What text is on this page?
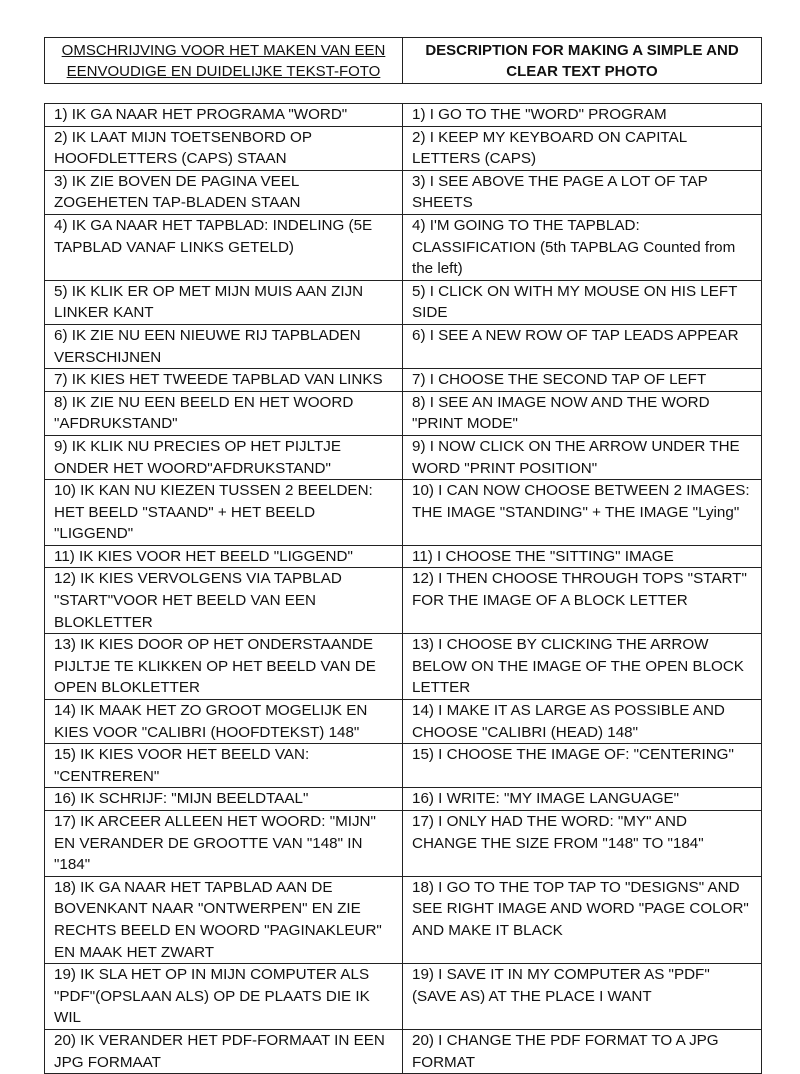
OMSCHRIJVING VOOR HET MAKEN VAN EEN EENVOUDIGE EN DUIDELIJKE TEKST-FOTO	DESCRIPTION FOR MAKING A SIMPLE AND CLEAR TEXT PHOTO
1) IK GA NAAR HET PROGRAMA "WORD"	1) I GO TO THE "WORD" PROGRAM
2) IK LAAT MIJN TOETSENBORD OP HOOFDLETTERS (CAPS) STAAN	2) I KEEP MY KEYBOARD ON CAPITAL LETTERS (CAPS)
3) IK ZIE BOVEN DE PAGINA VEEL ZOGEHETEN TAP-BLADEN STAAN	3) I SEE ABOVE THE PAGE A LOT OF TAP SHEETS
4) IK GA NAAR HET TAPBLAD: INDELING (5E TAPBLAD VANAF LINKS GETELD)	4) I'M GOING TO THE TAPBLAD: CLASSIFICATION (5th TAPBLAG Counted from the left)
5) IK KLIK ER OP MET MIJN MUIS AAN ZIJN LINKER KANT	5) I CLICK ON WITH MY MOUSE ON HIS LEFT SIDE
6) IK ZIE NU EEN NIEUWE RIJ TAPBLADEN VERSCHIJNEN	6) I SEE A NEW ROW OF TAP LEADS APPEAR
7) IK KIES HET TWEEDE TAPBLAD VAN LINKS	7) I CHOOSE THE SECOND TAP OF LEFT
8) IK ZIE NU EEN BEELD EN HET WOORD "AFDRUKSTAND"	8) I SEE AN IMAGE NOW AND THE WORD "PRINT MODE"
9) IK KLIK NU PRECIES OP HET PIJLTJE ONDER HET WOORD"AFDRUKSTAND"	9) I NOW CLICK ON THE ARROW UNDER THE WORD "PRINT POSITION"
10) IK KAN NU KIEZEN TUSSEN 2 BEELDEN: HET BEELD "STAAND" + HET BEELD "LIGGEND"	10) I CAN NOW CHOOSE BETWEEN 2 IMAGES: THE IMAGE "STANDING" + THE IMAGE "Lying"
11) IK KIES VOOR HET BEELD "LIGGEND"	11) I CHOOSE THE "SITTING" IMAGE
12) IK KIES VERVOLGENS VIA TAPBLAD "START"VOOR HET BEELD VAN EEN BLOKLETTER	12) I THEN CHOOSE THROUGH TOPS "START" FOR THE IMAGE OF A BLOCK LETTER
13) IK KIES DOOR OP HET ONDERSTAANDE PIJLTJE TE KLIKKEN OP HET BEELD VAN DE OPEN BLOKLETTER	13) I CHOOSE BY CLICKING THE ARROW BELOW ON THE IMAGE OF THE OPEN BLOCK LETTER
14) IK MAAK HET ZO GROOT MOGELIJK EN KIES VOOR "CALIBRI (HOOFDTEKST) 148"	14) I MAKE IT AS LARGE AS POSSIBLE AND CHOOSE "CALIBRI (HEAD) 148"
15) IK KIES VOOR HET BEELD VAN: "CENTREREN"	15) I CHOOSE THE IMAGE OF: "CENTERING"
16) IK SCHRIJF: "MIJN BEELDTAAL"	16) I WRITE: "MY IMAGE LANGUAGE"
17) IK ARCEER ALLEEN HET WOORD: "MIJN" EN VERANDER DE GROOTTE VAN "148" IN "184"	17) I ONLY HAD THE WORD: "MY" AND CHANGE THE SIZE FROM "148" TO "184"
18) IK GA NAAR HET TAPBLAD AAN DE BOVENKANT NAAR "ONTWERPEN" EN ZIE RECHTS BEELD EN WOORD "PAGINAKLEUR" EN MAAK HET ZWART	18) I GO TO THE TOP TAP TO "DESIGNS" AND SEE RIGHT IMAGE AND WORD "PAGE COLOR" AND MAKE IT BLACK
19) IK SLA HET OP IN MIJN COMPUTER ALS "PDF"(OPSLAAN ALS) OP DE PLAATS DIE IK WIL	19) I SAVE IT IN MY COMPUTER AS "PDF" (SAVE AS) AT THE PLACE I WANT
20) IK VERANDER HET PDF-FORMAAT IN EEN JPG FORMAAT	20) I CHANGE THE PDF FORMAT TO A JPG FORMAT
